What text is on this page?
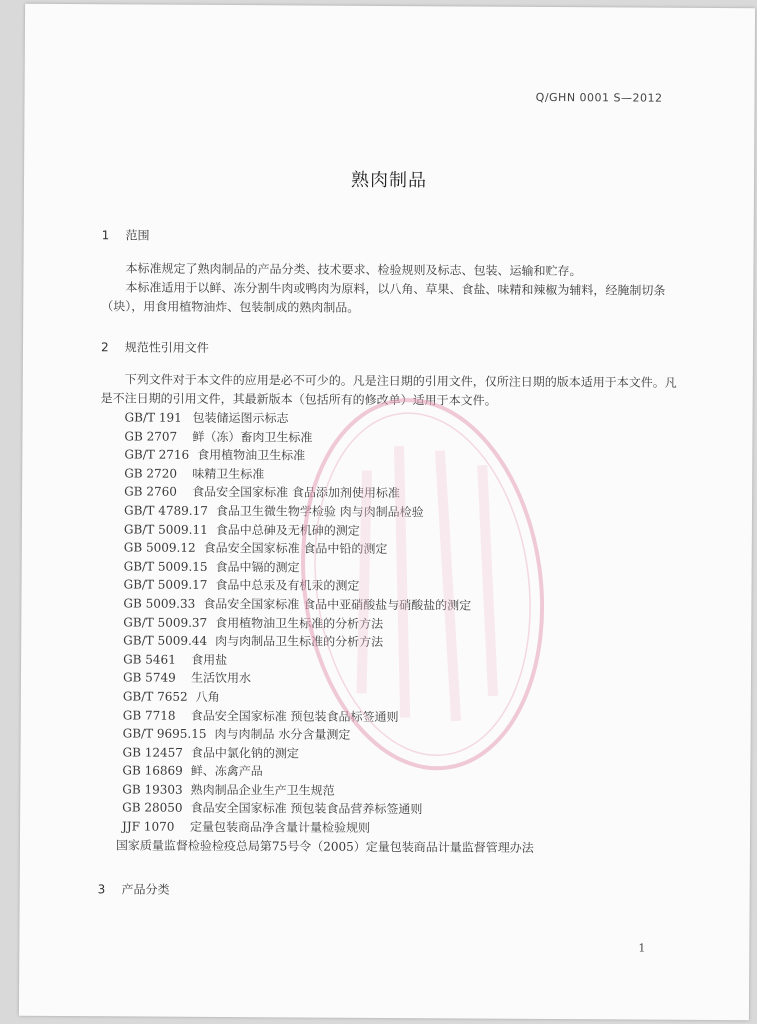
Q/GHN 0001 S—2012
熟肉制品
1 范围

本标准规定了熟肉制品的产品分类、技术要求、检验规则及标志、包装、运输和贮存。

本标准适用于以鲜、冻分割牛肉或鸭肉为原料，以八角、草果、食盐、味精和辣椒为辅料，经腌制切条（块），用食用植物油炸、包装制成的熟肉制品。

2 规范性引用文件

下列文件对于本文件的应用是必不可少的。凡是注日期的引用文件，仅所注日期的版本适用于本文件。凡是不注日期的引用文件，其最新版本（包括所有的修改单）适用于本文件。

GB/T 191 包装储运图示标志
GB 2707 鲜（冻）畜肉卫生标准
GB/T 2716 食用植物油卫生标准
GB 2720 味精卫生标准
GB 2760 食品安全国家标准 食品添加剂使用标准
GB/T 4789.17 食品卫生微生物学检验 肉与肉制品检验
GB/T 5009.11 食品中总砷及无机砷的测定
GB 5009.12 食品安全国家标准 食品中铅的测定
GB/T 5009.15 食品中镉的测定
GB/T 5009.17 食品中总汞及有机汞的测定
GB 5009.33 食品安全国家标准 食品中亚硝酸盐与硝酸盐的测定
GB/T 5009.37 食用植物油卫生标准的分析方法
GB/T 5009.44 肉与肉制品卫生标准的分析方法
GB 5461 食用盐
GB 5749 生活饮用水
GB/T 7652 八角
GB 7718 食品安全国家标准 预包装食品标签通则
GB/T 9695.15 肉与肉制品 水分含量测定
GB 12457 食品中氯化钠的测定
GB 16869 鲜、冻禽产品
GB 19303 熟肉制品企业生产卫生规范
GB 28050 食品安全国家标准 预包装食品营养标签通则
JJF 1070 定量包装商品净含量计量检验规则
国家质量监督检验检疫总局第75号令（2005）定量包装商品计量监督管理办法
3 产品分类
1
